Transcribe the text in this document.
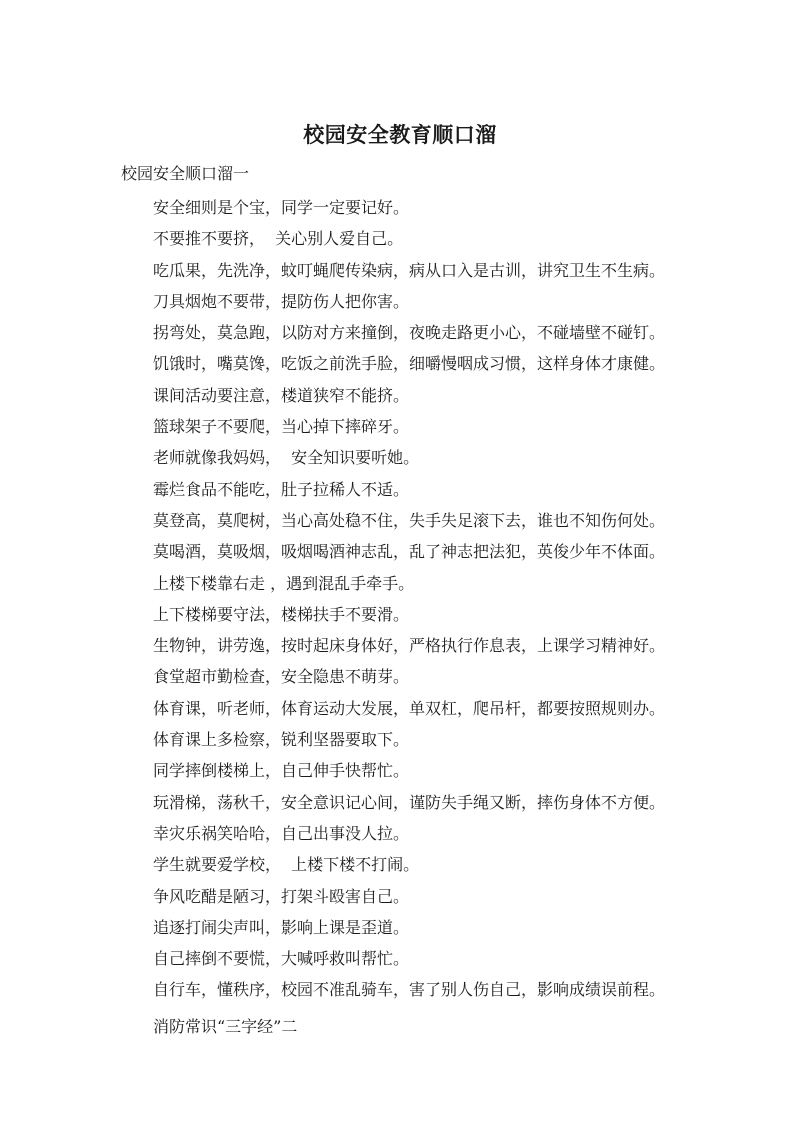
校园安全教育顺口溜
校园安全顺口溜一
安全细则是个宝，同学一定要记好。
不要推不要挤，  关心别人爱自己。
吃瓜果，先洗净，蚊叮蝇爬传染病，病从口入是古训，讲究卫生不生病。
刀具烟炮不要带，提防伤人把你害。
拐弯处，莫急跑，以防对方来撞倒，夜晚走路更小心，不碰墙壁不碰钉。
饥饿时，嘴莫馋，吃饭之前洗手脸，细嚼慢咽成习惯，这样身体才康健。
课间活动要注意，楼道狭窄不能挤。
篮球架子不要爬，当心掉下摔碎牙。
老师就像我妈妈，  安全知识要听她。
霉烂食品不能吃，肚子拉稀人不适。
莫登高，莫爬树，当心高处稳不住，失手失足滚下去，谁也不知伤何处。
莫喝酒，莫吸烟，吸烟喝酒神志乱，乱了神志把法犯，英俊少年不体面。
上楼下楼靠右走 ，遇到混乱手牵手。
上下楼梯要守法，楼梯扶手不要滑。
生物钟，讲劳逸，按时起床身体好，严格执行作息表，上课学习精神好。
食堂超市勤检查，安全隐患不萌芽。
体育课，听老师，体育运动大发展，单双杠，爬吊杆，都要按照规则办。
体育课上多检察，锐利坚器要取下。
同学摔倒楼梯上，自己伸手快帮忙。
玩滑梯，荡秋千，安全意识记心间，谨防失手绳又断，摔伤身体不方便。
幸灾乐祸笑哈哈，自己出事没人拉。
学生就要爱学校，  上楼下楼不打闹。
争风吃醋是陋习，打架斗殴害自己。
追逐打闹尖声叫，影响上课是歪道。
自己摔倒不要慌，大喊呼救叫帮忙。
自行车，懂秩序，校园不准乱骑车，害了别人伤自己，影响成绩误前程。
消防常识“三字经”二
